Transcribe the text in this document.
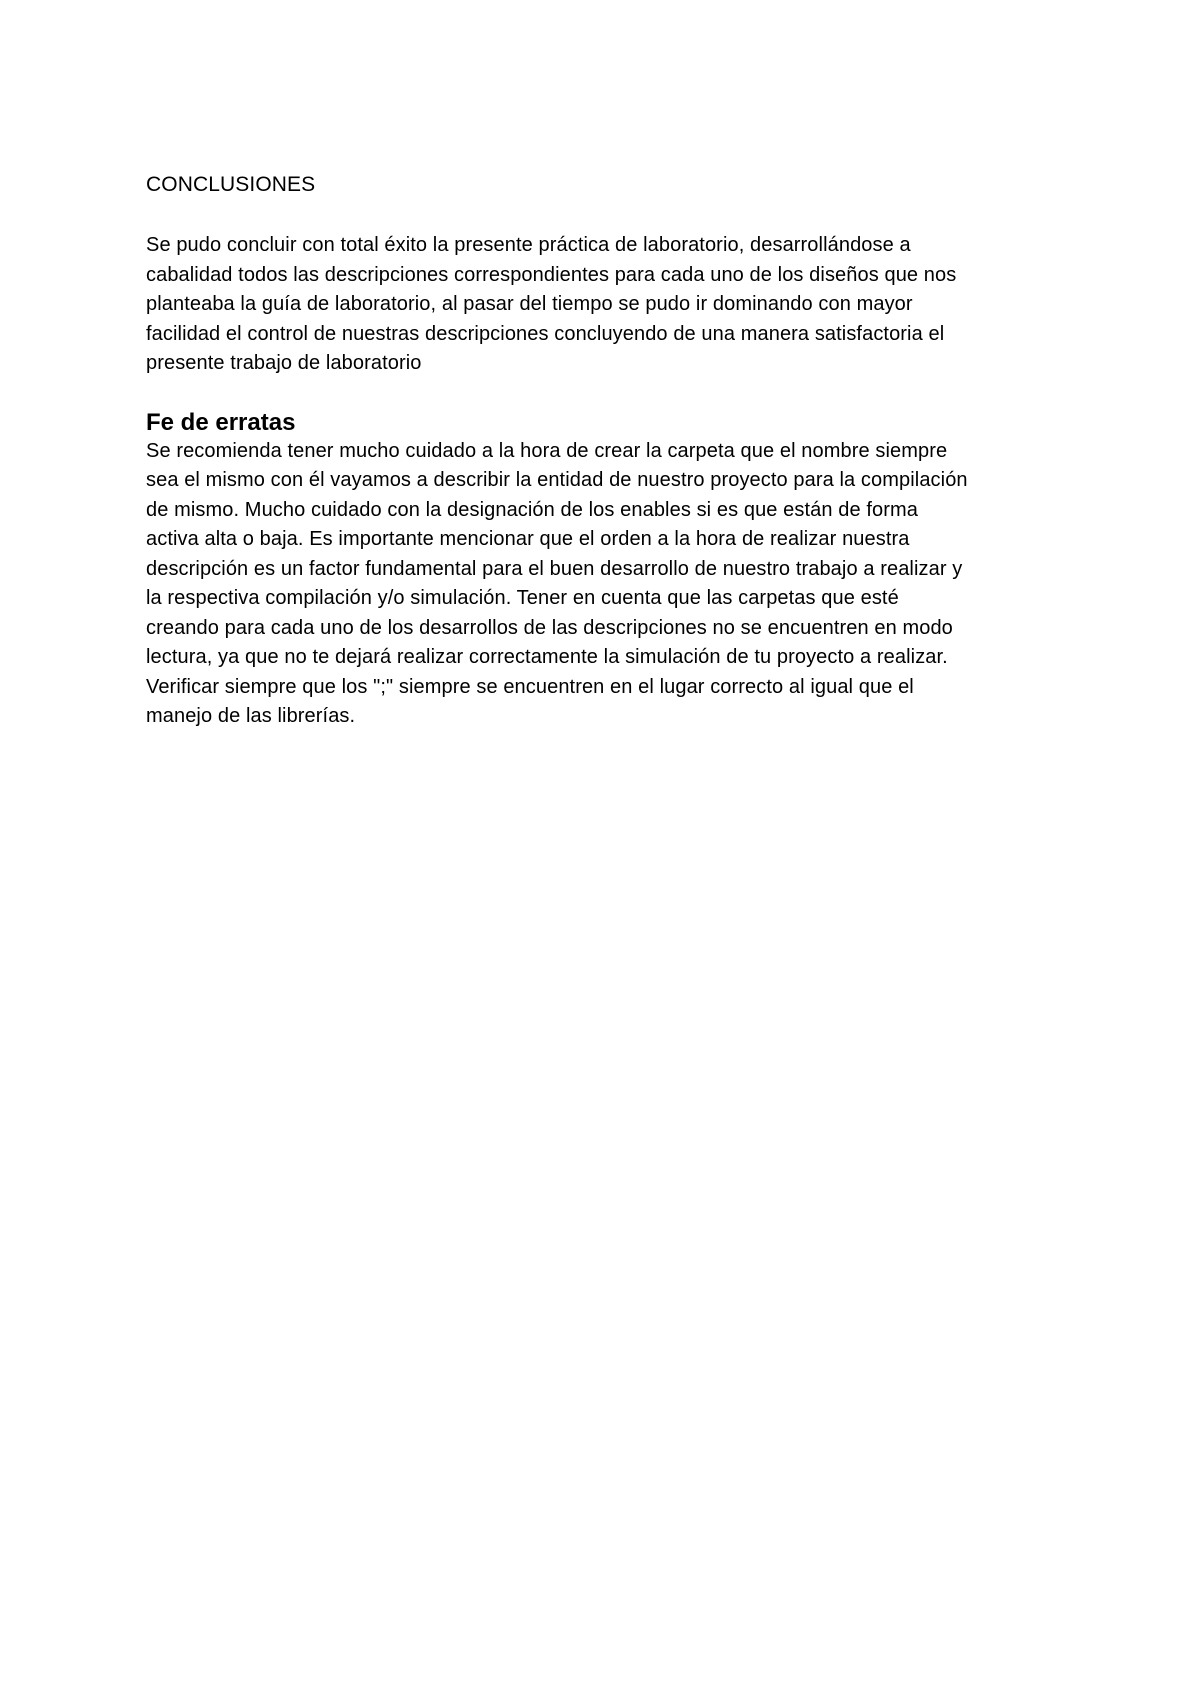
CONCLUSIONES

Se pudo concluir con total éxito la presente práctica de laboratorio, desarrollándose a
cabalidad todos las descripciones correspondientes para cada uno de los diseños que nos
planteaba la guía de laboratorio, al pasar del tiempo se pudo ir dominando con mayor
facilidad el control de nuestras descripciones concluyendo de una manera satisfactoria el
presente trabajo de laboratorio

Fe de erratas

Se recomienda tener mucho cuidado a la hora de crear la carpeta que el nombre siempre
sea el mismo con él vayamos a describir la entidad de nuestro proyecto para la compilación
de mismo. Mucho cuidado con la designación de los enables si es que están de forma
activa alta o baja. Es importante mencionar que el orden a la hora de realizar nuestra
descripción es un factor fundamental para el buen desarrollo de nuestro trabajo a realizar y
la respectiva compilación y/o simulación. Tener en cuenta que las carpetas que esté
creando para cada uno de los desarrollos de las descripciones no se encuentren en modo
lectura, ya que no te dejará realizar correctamente la simulación de tu proyecto a realizar.
Verificar siempre que los ";" siempre se encuentren en el lugar correcto al igual que el
manejo de las librerías.
